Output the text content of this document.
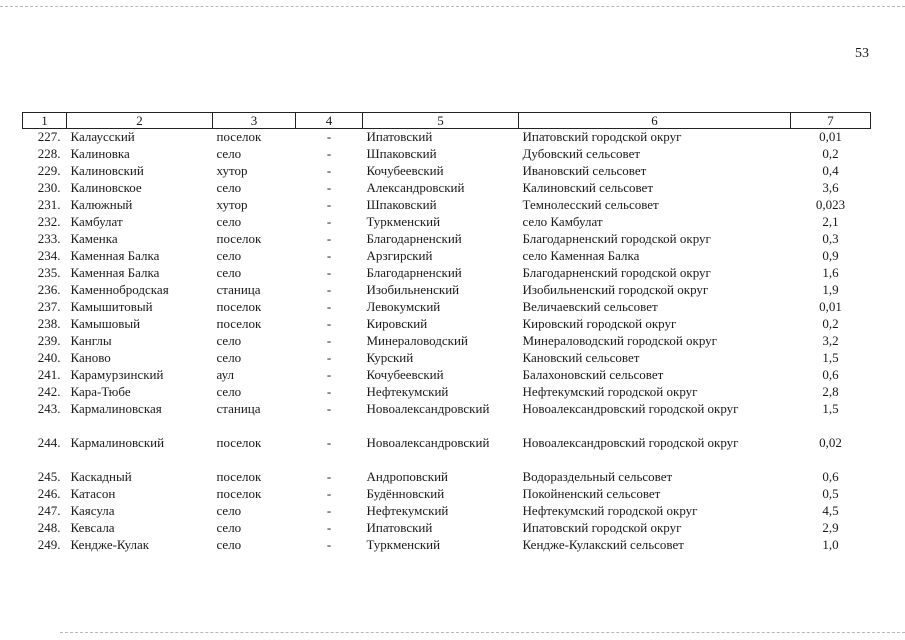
53
1	2	3	4	5	6	7
227.	Калаусский	поселок	-	Ипатовский	Ипатовский городской округ	0,01
228.	Калиновка	село	-	Шпаковский	Дубовский сельсовет	0,2
229.	Калиновский	хутор	-	Кочубеевский	Ивановский сельсовет	0,4
230.	Калиновское	село	-	Александровский	Калиновский сельсовет	3,6
231.	Калюжный	хутор	-	Шпаковский	Темнолесский сельсовет	0,023
232.	Камбулат	село	-	Туркменский	село Камбулат	2,1
233.	Каменка	поселок	-	Благодарненский	Благодарненский городской округ	0,3
234.	Каменная Балка	село	-	Арзгирский	село Каменная Балка	0,9
235.	Каменная Балка	село	-	Благодарненский	Благодарненский городской округ	1,6
236.	Каменнобродская	станица	-	Изобильненский	Изобильненский городской округ	1,9
237.	Камышитовый	поселок	-	Левокумский	Величаевский сельсовет	0,01
238.	Камышовый	поселок	-	Кировский	Кировский городской округ	0,2
239.	Канглы	село	-	Минераловодский	Минераловодский городской округ	3,2
240.	Каново	село	-	Курский	Кановский сельсовет	1,5
241.	Карамурзинский	аул	-	Кочубеевский	Балахоновский сельсовет	0,6
242.	Кара-Тюбе	село	-	Нефтекумский	Нефтекумский городской округ	2,8
243.	Кармалиновская	станица	-	Новоалександровский	Новоалександровский городской округ	1,5
244.	Кармалиновский	поселок	-	Новоалександровский	Новоалександровский городской округ	0,02
245.	Каскадный	поселок	-	Андроповский	Водораздельный сельсовет	0,6
246.	Катасон	поселок	-	Будённовский	Покойненский сельсовет	0,5
247.	Каясула	село	-	Нефтекумский	Нефтекумский городской округ	4,5
248.	Кевсала	село	-	Ипатовский	Ипатовский городской округ	2,9
249.	Кендже-Кулак	село	-	Туркменский	Кендже-Кулакский сельсовет	1,0
